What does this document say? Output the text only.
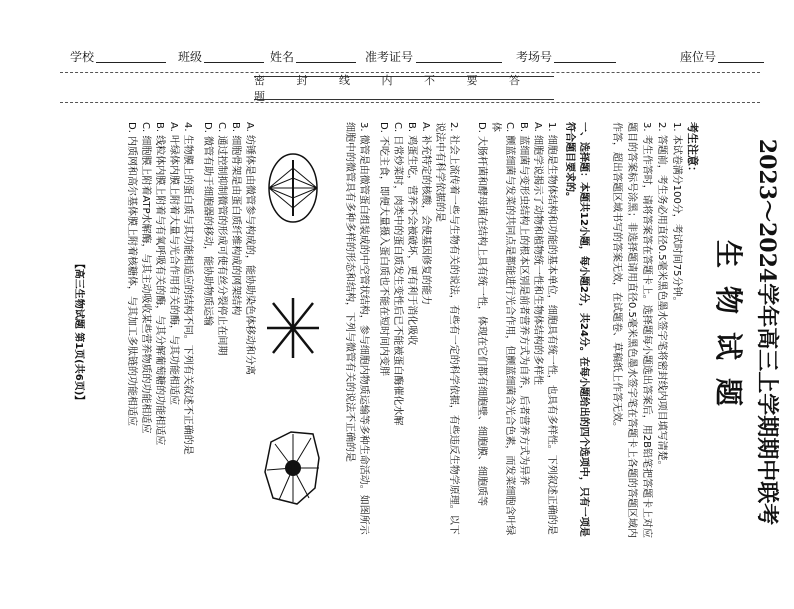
学校	班级	姓名	准考证号	考场号	座位号
密 封 线 内 不 要 答 题
2023～2024学年高三上学期期中联考
生物试题
考生注意：
1. 本试卷满分100分，考试时间75分钟。
2. 答题前，考生务必用直径0.5毫米黑色墨水签字笔将密封线内项目填写清楚。
3. 考生作答时，请将答案答在答题卡上。选择题每小题选出答案后，用2B铅笔把答题卡上对应题目的答案标号涂黑；非选择题请用直径0.5毫米黑色墨水签字笔在答题卡上各题的答题区域内作答，超出答题区域书写的答案无效，在试题卷、草稿纸上作答无效。
一、选择题：本题共12小题，每小题2分，共24分。在每小题给出的四个选项中，只有一项是符合题目要求的。
1. 细胞是生物体结构和功能的基本单位，细胞具有统一性，也具有多样性。下列叙述正确的是
A. 细胞学说揭示了动物和植物统一性和生物体结构的多样性
B. 蓝细菌与变形虫结构上的根本区别是前者营养方式为自养，后者营养方式为异养
C. 颤蓝细菌与发菜的共同点是都能进行光合作用，但颤蓝细菌含光合色素，而发菜细胞含叶绿体
D. 大肠杆菌和酵母菌在结构上具有统一性，体现在它们都有细胞壁、细胞膜、细胞质等
2. 社会上流传着一些与生物有关的说法，有些有一定的科学依据，有些违反生物学原理。以下说法中有科学依据的是
A. 补充特定的核酸，会使基因修复的能力
B. 鸡蛋生吃，营养不会被破坏，更有利于消化吸收
C. 日常炒菜时，肉类中的蛋白质发生变性后已不能被蛋白酶催化水解
D. 不吃主食，即便大量摄入蛋白质也不能在短时间内变胖
3. 微管是由微管蛋白组装成的中空管状结构，参与细胞内物质运输等多种生命活动。如图所示细胞中的微管具有多种多样的形态和结构，下列与微管有关的说法不正确的是
A. 纺锤体是由微管参与构成的，能协助染色体移动和分离
B. 细胞骨架是由蛋白质纤维构成的网架结构
C. 通过控制抑制微管的形成可使有丝分裂停止在间期
D. 微管有助于细胞器的移动，能协助物质运输
4. 生物膜上的蛋白质与其功能相适应的结构不同。下列有关叙述不正确的是
A. 叶绿体内膜上附着大量与光合作用有关的酶，与其功能相适应
B. 线粒体内膜上附着与有氧呼吸有关的酶，与其分解葡萄糖的功能相适应
C. 细胞膜上附着ATP水解酶，与其主动吸收某些营养物质的功能相适应
D. 内质网和高尔基体膜上附着核糖体，与其加工多肽链的功能相适应
【高三生物试题 第1页(共6页)】
